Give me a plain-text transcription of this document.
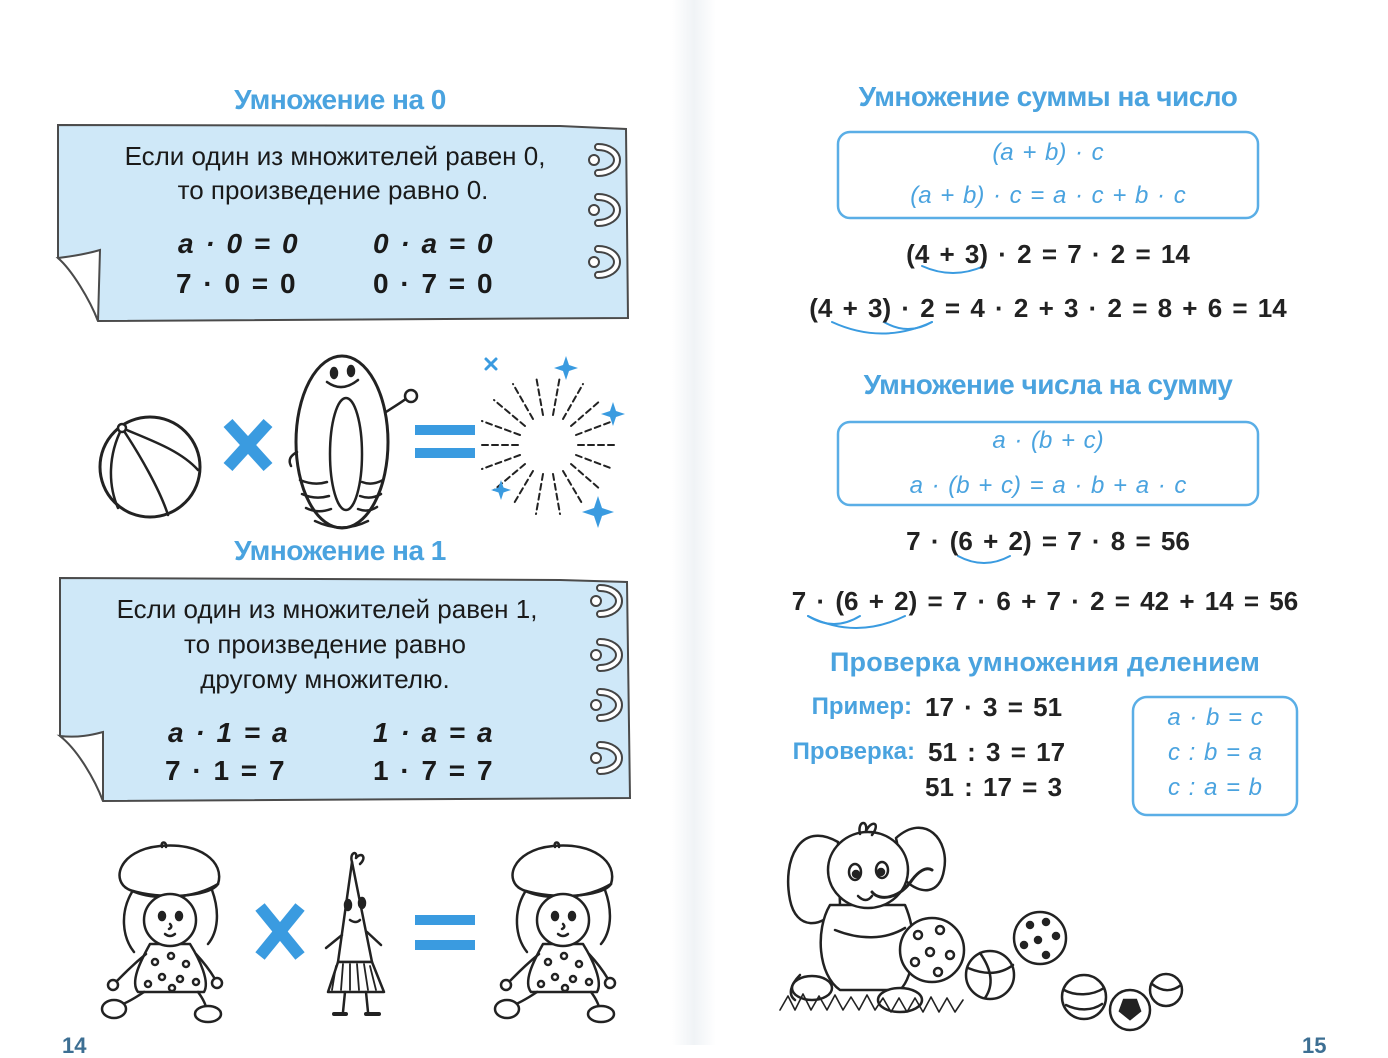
Умножение на 0
Если один из множителей равен 0,
то произведение равно 0.
a · 0 = 0	0 · a = 0
7 · 0 = 0	0 · 7 = 0
Умножение на 1
Если один из множителей равен 1,
то произведение равно
другому множителю.
a · 1 = a	1 · a = a
7 · 1 = 7	1 · 7 = 7
14
Умножение суммы на число
(a + b) · c
(a + b) · c = a · c + b · c
(4 + 3) · 2 = 7 · 2 = 14
(4 + 3) · 2 = 4 · 2 + 3 · 2 = 8 + 6 = 14
Умножение числа на сумму
a · (b + c)
a · (b + c) = a · b + a · c
7 · (6 + 2) = 7 · 8 = 56
7 · (6 + 2) = 7 · 6 + 7 · 2 = 42 + 14 = 56
Проверка умножения делением
Пример: 17 · 3 = 51
Проверка: 51 : 3 = 17
51 : 17 = 3
a · b = c
c : b = a
c : a = b
15
